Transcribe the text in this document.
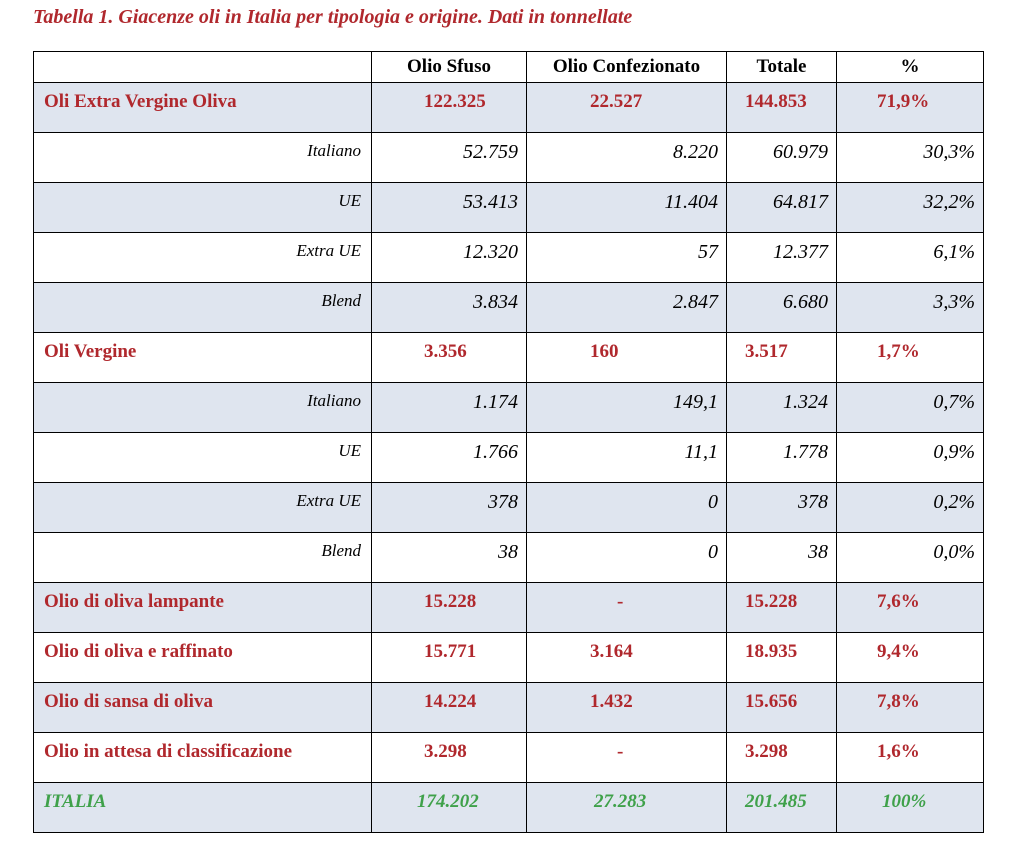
Tabella 1. Giacenze oli in Italia per tipologia e origine. Dati in tonnellate
	Olio Sfuso	Olio Confezionato	Totale	%

Oli Extra Vergine Oliva	122.325	22.527	144.853	71,9%

Italiano	52.759	8.220	60.979	30,3%

UE	53.413	11.404	64.817	32,2%

Extra UE	12.320	57	12.377	6,1%

Blend	3.834	2.847	6.680	3,3%

Oli Vergine	3.356	160	3.517	1,7%

Italiano	1.174	149,1	1.324	0,7%

UE	1.766	11,1	1.778	0,9%

Extra UE	378	0	378	0,2%

Blend	38	0	38	0,0%

Olio di oliva lampante	15.228	-	15.228	7,6%

Olio di oliva e raffinato	15.771	3.164	18.935	9,4%

Olio di sansa di oliva	14.224	1.432	15.656	7,8%

Olio in attesa di classificazione	3.298	-	3.298	1,6%

ITALIA	174.202	27.283	201.485	100%
